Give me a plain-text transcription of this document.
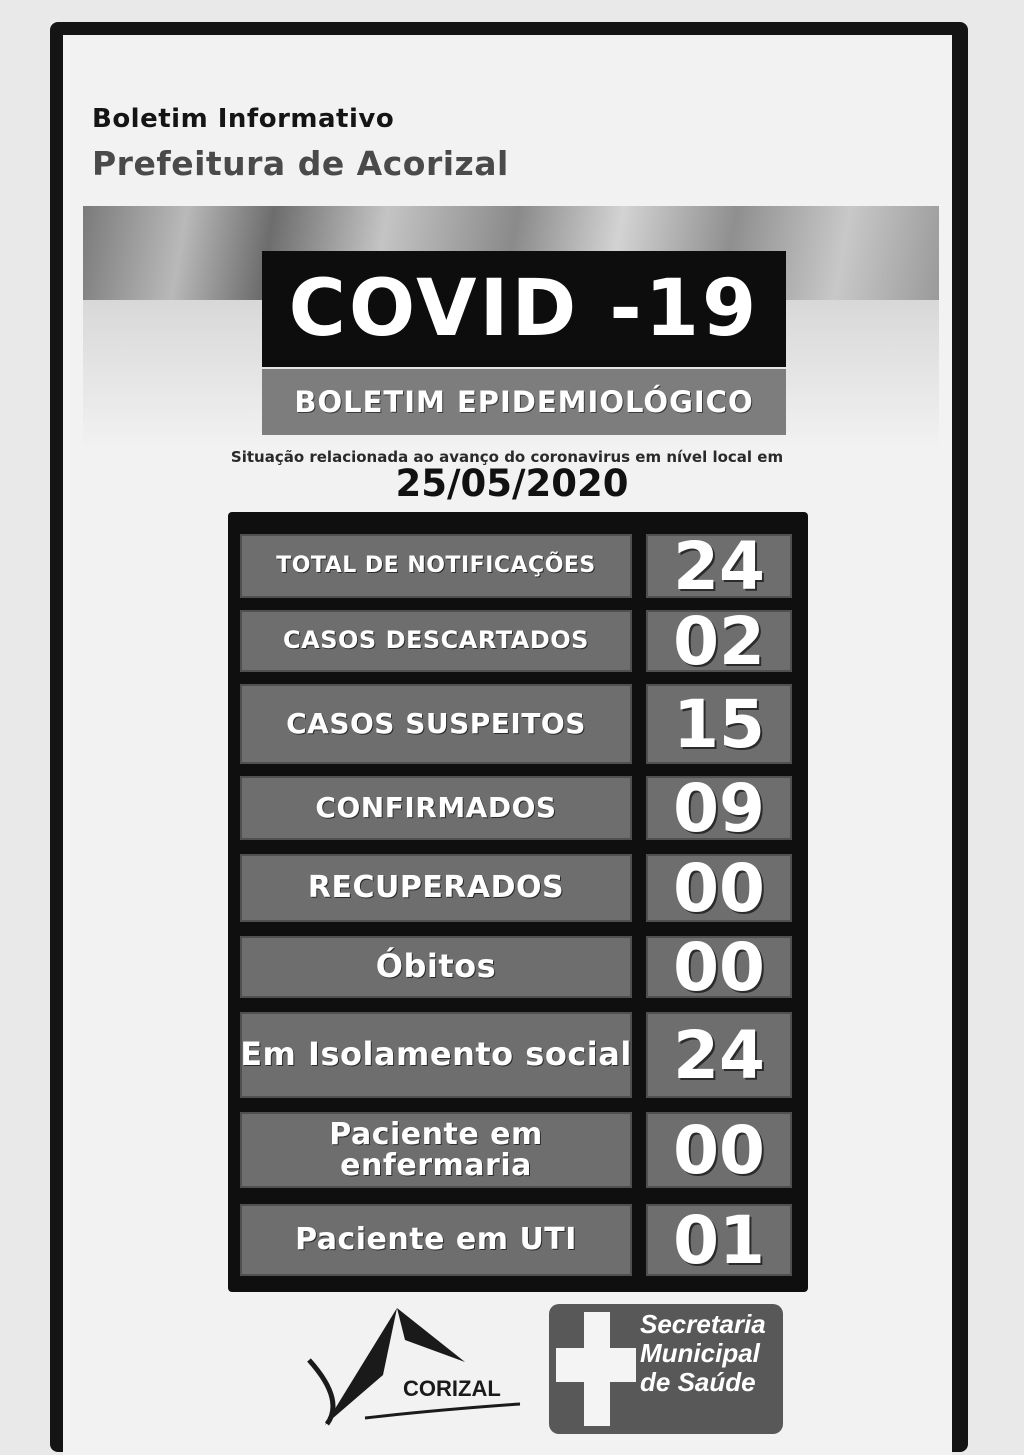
Boletim Informativo

Prefeitura de Acorizal

COVID -19
BOLETIM EPIDEMIOLÓGICO

Situação relacionada ao avanço do coronavirus em nível local em

25/05/2020

TOTAL DE NOTIFICAÇÕES	24
CASOS DESCARTADOS	02
CASOS SUSPEITOS	15
CONFIRMADOS	09
RECUPERADOS	00
Óbitos	00
Em Isolamento social 24
Paciente em enfermaria	00
Paciente em UTI	01
CORIZAL
Secretaria
Municipal
de Saúde
